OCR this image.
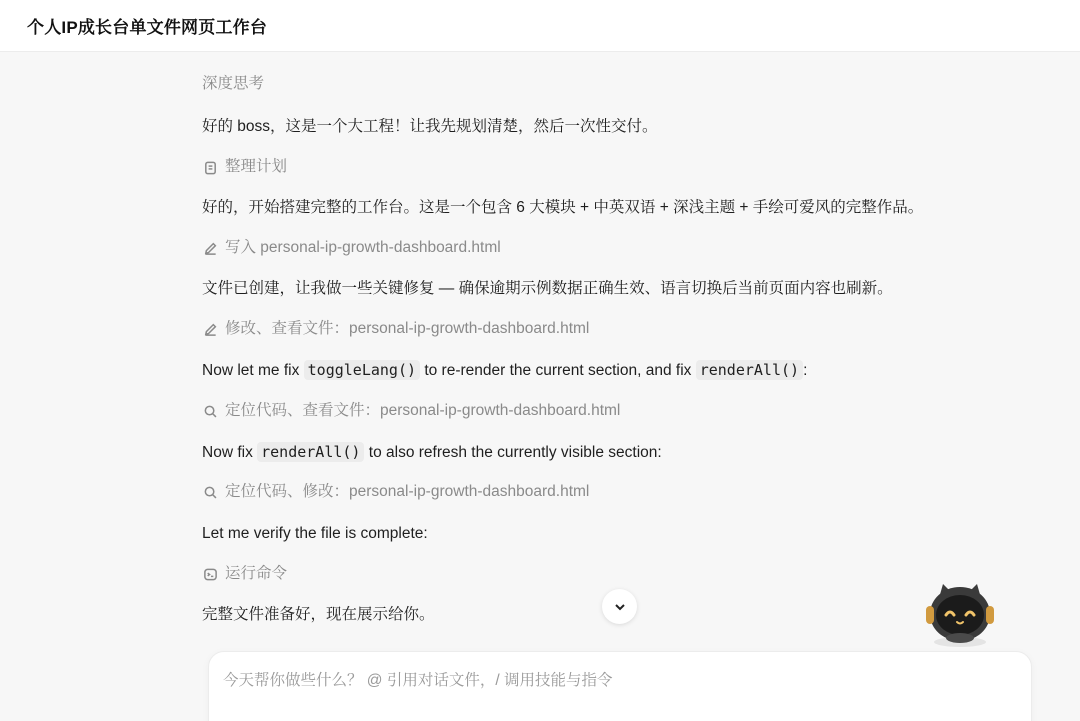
个人IP成长台单文件网页工作台
深度思考
好的 boss，这是一个大工程！让我先规划清楚，然后一次性交付。
整理计划
好的，开始搭建完整的工作台。这是一个包含 6 大模块 + 中英双语 + 深浅主题 + 手绘可爱风的完整作品。
写入 personal-ip-growth-dashboard.html
文件已创建，让我做一些关键修复 — 确保逾期示例数据正确生效、语言切换后当前页面内容也刷新。
修改、查看文件：personal-ip-growth-dashboard.html
Now let me fix toggleLang() to re-render the current section, and fix renderAll() :
定位代码、查看文件：personal-ip-growth-dashboard.html
Now fix renderAll() to also refresh the currently visible section:
定位代码、修改：personal-ip-growth-dashboard.html
Let me verify the file is complete:
运行命令
完整文件准备好，现在展示给你。
今天帮你做些什么？ @ 引用对话文件，/ 调用技能与指令
